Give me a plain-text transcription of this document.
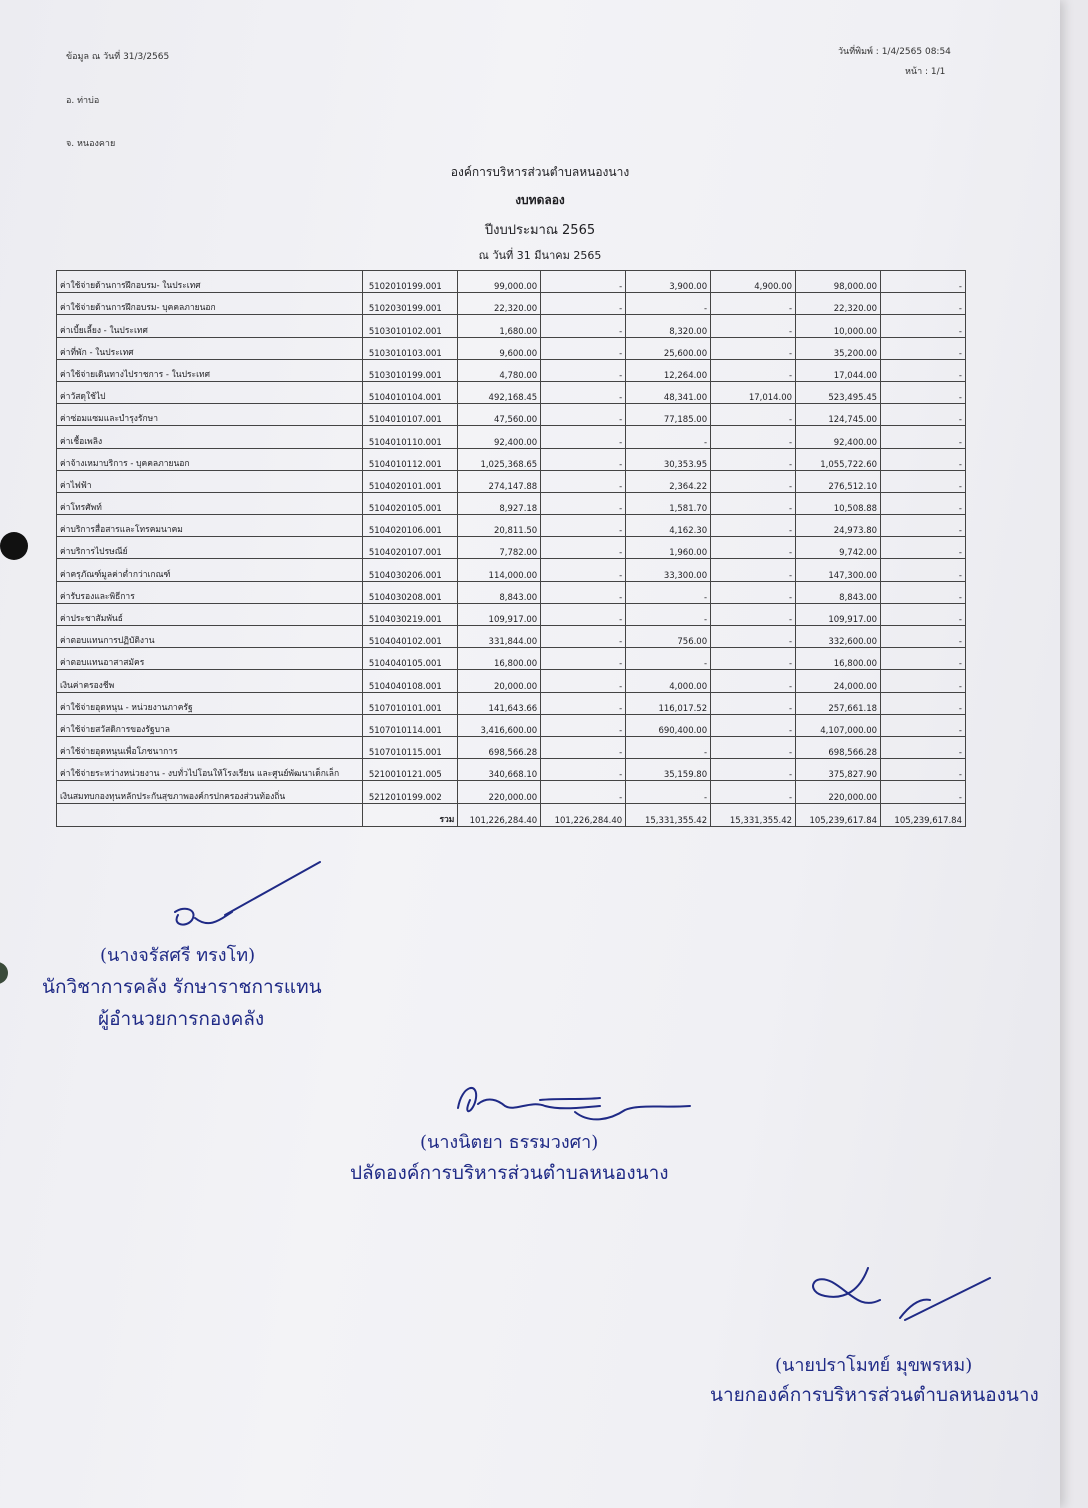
ข้อมูล ณ วันที่ 31/3/2565
อ. ท่าบ่อ
จ. หนองคาย
วันที่พิมพ์ : 1/4/2565 08:54
หน้า : 1/1
องค์การบริหารส่วนตำบลหนองนาง
งบทดลอง
ปีงบประมาณ 2565
ณ วันที่ 31 มีนาคม 2565
ค่าใช้จ่ายด้านการฝึกอบรม- ในประเทศ	5102010199.001	99,000.00	-	3,900.00	4,900.00	98,000.00	-
ค่าใช้จ่ายด้านการฝึกอบรม- บุคคลภายนอก	5102030199.001	22,320.00	-	-	-	22,320.00	-
ค่าเบี้ยเลี้ยง - ในประเทศ	5103010102.001	1,680.00	-	8,320.00	-	10,000.00	-
ค่าที่พัก - ในประเทศ	5103010103.001	9,600.00	-	25,600.00	-	35,200.00	-
ค่าใช้จ่ายเดินทางไปราชการ - ในประเทศ	5103010199.001	4,780.00	-	12,264.00	-	17,044.00	-
ค่าวัสดุใช้ไป	5104010104.001	492,168.45	-	48,341.00	17,014.00	523,495.45	-
ค่าซ่อมแซมและบำรุงรักษา	5104010107.001	47,560.00	-	77,185.00	-	124,745.00	-
ค่าเชื้อเพลิง	5104010110.001	92,400.00	-	-	-	92,400.00	-
ค่าจ้างเหมาบริการ - บุคคลภายนอก	5104010112.001	1,025,368.65	-	30,353.95	-	1,055,722.60	-
ค่าไฟฟ้า	5104020101.001	274,147.88	-	2,364.22	-	276,512.10	-
ค่าโทรศัพท์	5104020105.001	8,927.18	-	1,581.70	-	10,508.88	-
ค่าบริการสื่อสารและโทรคมนาคม	5104020106.001	20,811.50	-	4,162.30	-	24,973.80	-
ค่าบริการไปรษณีย์	5104020107.001	7,782.00	-	1,960.00	-	9,742.00	-
ค่าครุภัณฑ์มูลค่าต่ำกว่าเกณฑ์	5104030206.001	114,000.00	-	33,300.00	-	147,300.00	-
ค่ารับรองและพิธีการ	5104030208.001	8,843.00	-	-	-	8,843.00	-
ค่าประชาสัมพันธ์	5104030219.001	109,917.00	-	-	-	109,917.00	-
ค่าตอบแทนการปฏิบัติงาน	5104040102.001	331,844.00	-	756.00	-	332,600.00	-
ค่าตอบแทนอาสาสมัคร	5104040105.001	16,800.00	-	-	-	16,800.00	-
เงินค่าครองชีพ	5104040108.001	20,000.00	-	4,000.00	-	24,000.00	-
ค่าใช้จ่ายอุดหนุน - หน่วยงานภาครัฐ	5107010101.001	141,643.66	-	116,017.52	-	257,661.18	-
ค่าใช้จ่ายสวัสดิการของรัฐบาล	5107010114.001	3,416,600.00	-	690,400.00	-	4,107,000.00	-
ค่าใช้จ่ายอุดหนุนเพื่อโภชนาการ	5107010115.001	698,566.28	-	-	-	698,566.28	-
ค่าใช้จ่ายระหว่างหน่วยงาน - งบทั่วไปโอนให้โรงเรียน และศูนย์พัฒนาเด็กเล็ก	5210010121.005	340,668.10	-	35,159.80	-	375,827.90	-
เงินสมทบกองทุนหลักประกันสุขภาพองค์กรปกครองส่วนท้องถิ่น	5212010199.002	220,000.00	-	-	-	220,000.00	-
	รวม	101,226,284.40	101,226,284.40	15,331,355.42	15,331,355.42	105,239,617.84	105,239,617.84
(นางจรัสศรี ทรงโท)
นักวิชาการคลัง รักษาราชการแทน
ผู้อำนวยการกองคลัง
(นางนิตยา ธรรมวงศา)
ปลัดองค์การบริหารส่วนตำบลหนองนาง
(นายปราโมทย์ มุขพรหม)
นายกองค์การบริหารส่วนตำบลหนองนาง
